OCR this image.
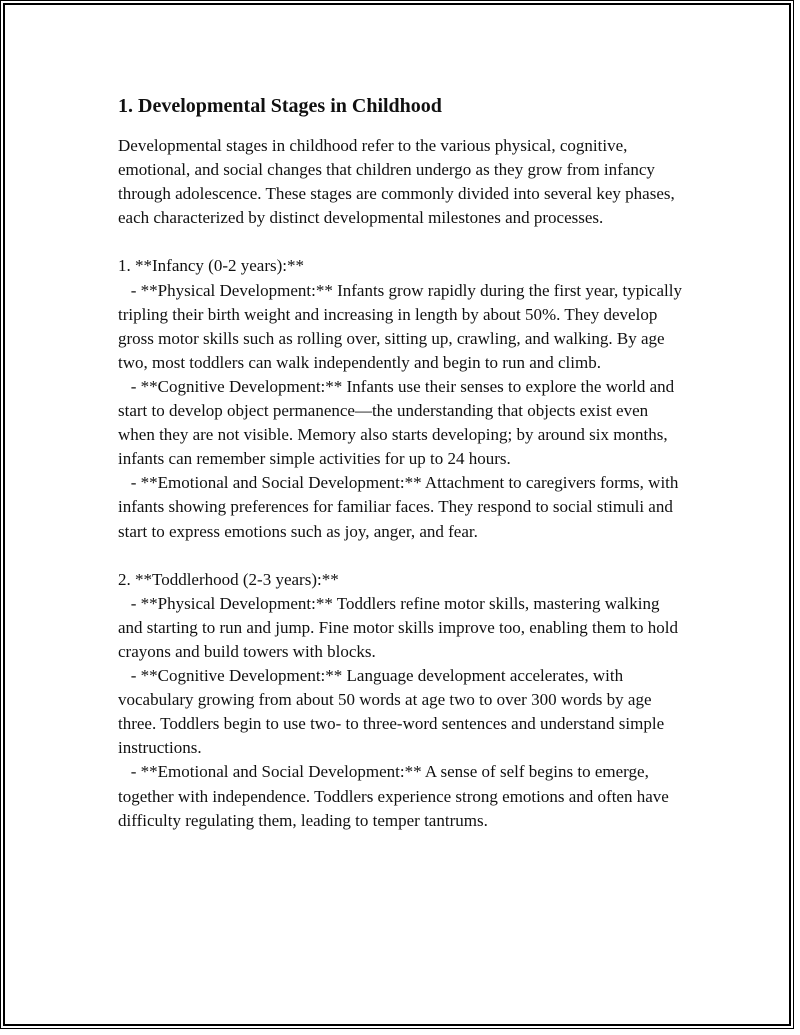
1. Developmental Stages in Childhood

Developmental stages in childhood refer to the various physical, cognitive, emotional, and social changes that children undergo as they grow from infancy through adolescence. These stages are commonly divided into several key phases, each characterized by distinct developmental milestones and processes.

1. **Infancy (0-2 years):**

- **Physical Development:** Infants grow rapidly during the first year, typically tripling their birth weight and increasing in length by about 50%. They develop gross motor skills such as rolling over, sitting up, crawling, and walking. By age two, most toddlers can walk independently and begin to run and climb.

- **Cognitive Development:** Infants use their senses to explore the world and start to develop object permanence—the understanding that objects exist even when they are not visible. Memory also starts developing; by around six months, infants can remember simple activities for up to 24 hours.

- **Emotional and Social Development:** Attachment to caregivers forms, with infants showing preferences for familiar faces. They respond to social stimuli and start to express emotions such as joy, anger, and fear.

2. **Toddlerhood (2-3 years):**

- **Physical Development:** Toddlers refine motor skills, mastering walking and starting to run and jump. Fine motor skills improve too, enabling them to hold crayons and build towers with blocks.

- **Cognitive Development:** Language development accelerates, with vocabulary growing from about 50 words at age two to over 300 words by age three. Toddlers begin to use two- to three-word sentences and understand simple instructions.

- **Emotional and Social Development:** A sense of self begins to emerge, together with independence. Toddlers experience strong emotions and often have difficulty regulating them, leading to temper tantrums.
